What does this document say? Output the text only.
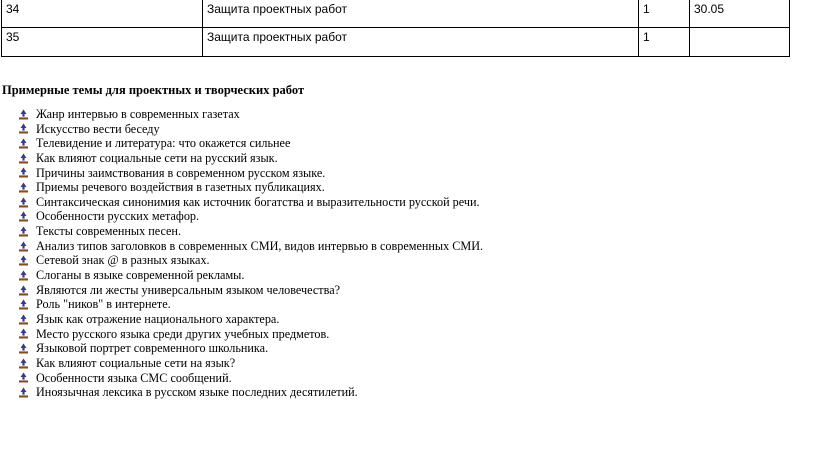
34	Защита проектных работ	1	30.05
35	Защита проектных работ	1	

Примерные темы для проектных и творческих работ

Жанр интервью в современных газетах
Искусство вести беседу
Телевидение и литература: что окажется сильнее
Как влияют социальные сети на русский язык.
Причины заимствования в современном русском языке.
Приемы речевого воздействия в газетных публикациях.
Синтаксическая синонимия как источник богатства и выразительности русской речи.
Особенности русских метафор.
Тексты современных песен.
Анализ типов заголовков в современных СМИ, видов интервью в современных СМИ.
Сетевой знак @ в разных языках.
Слоганы в языке современной рекламы.
Являются ли жесты универсальным языком человечества?
Роль "ников" в интернете.
Язык как отражение национального характера.
Место русского языка среди других учебных предметов.
Языковой портрет современного школьника.
Как влияют социальные сети на язык?
Особенности языка СМС сообщений.
Иноязычная лексика в русском языке последних десятилетий.
